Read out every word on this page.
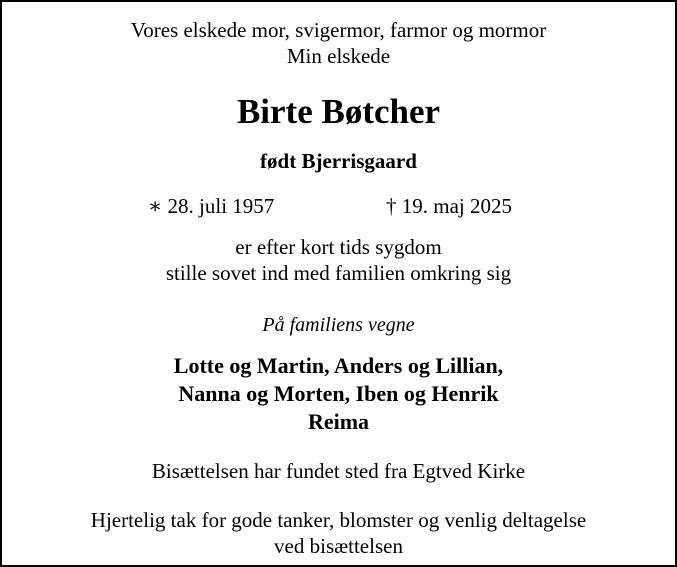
Vores elskede mor, svigermor, farmor og mormor
Min elskede
Birte Bøtcher
født Bjerrisgaard
∗ 28. juli 1957	† 19. maj 2025
er efter kort tids sygdom
stille sovet ind med familien omkring sig
På familiens vegne
Lotte og Martin, Anders og Lillian,
Nanna og Morten, Iben og Henrik
Reima
Bisættelsen har fundet sted fra Egtved Kirke
Hjertelig tak for gode tanker, blomster og venlig deltagelse
ved bisættelsen
